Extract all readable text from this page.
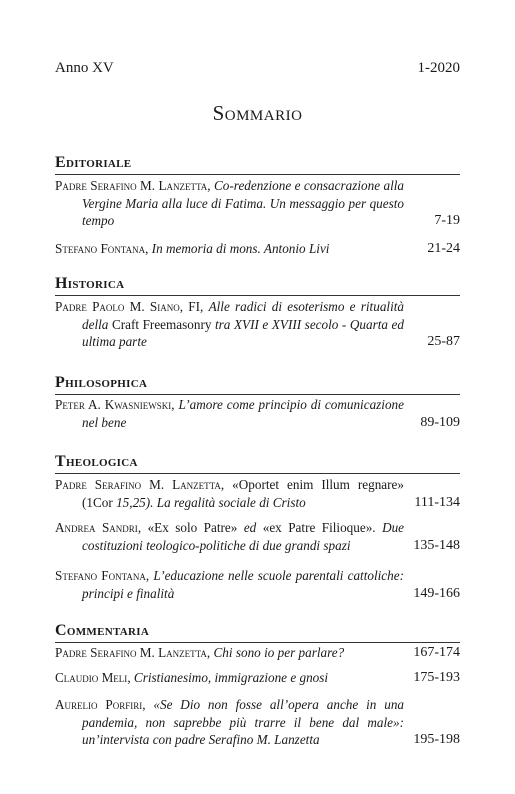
Anno XV	1-2020
Sommario
Editoriale
Padre Serafino M. Lanzetta, Co-redenzione e consacrazione alla Vergine Maria alla luce di Fatima. Un messaggio per questo tempo	7-19
Stefano Fontana, In memoria di mons. Antonio Livi	21-24
Historica
Padre Paolo M. Siano, FI, Alle radici di esoterismo e ritualità della Craft Freemasonry tra XVII e XVIII secolo - Quarta ed ultima parte	25-87
Philosophica
Peter A. Kwasniewski, L’amore come principio di comunicazione nel bene	89-109
Theologica
Padre Serafino M. Lanzetta, «Oportet enim Illum regnare» (1Cor 15,25). La regalità sociale di Cristo	111-134
Andrea Sandri, «Ex solo Patre» ed «ex Patre Filioque». Due costituzioni teologico-politiche di due grandi spazi	135-148
Stefano Fontana, L’educazione nelle scuole parentali cattoliche: principi e finalità	149-166
Commentaria
Padre Serafino M. Lanzetta, Chi sono io per parlare?	167-174
Claudio Meli, Cristianesimo, immigrazione e gnosi	175-193
Aurelio Porfiri, «Se Dio non fosse all’opera anche in una pandemia, non saprebbe più trarre il bene dal male»: un’intervista con padre Serafino M. Lanzetta	195-198
